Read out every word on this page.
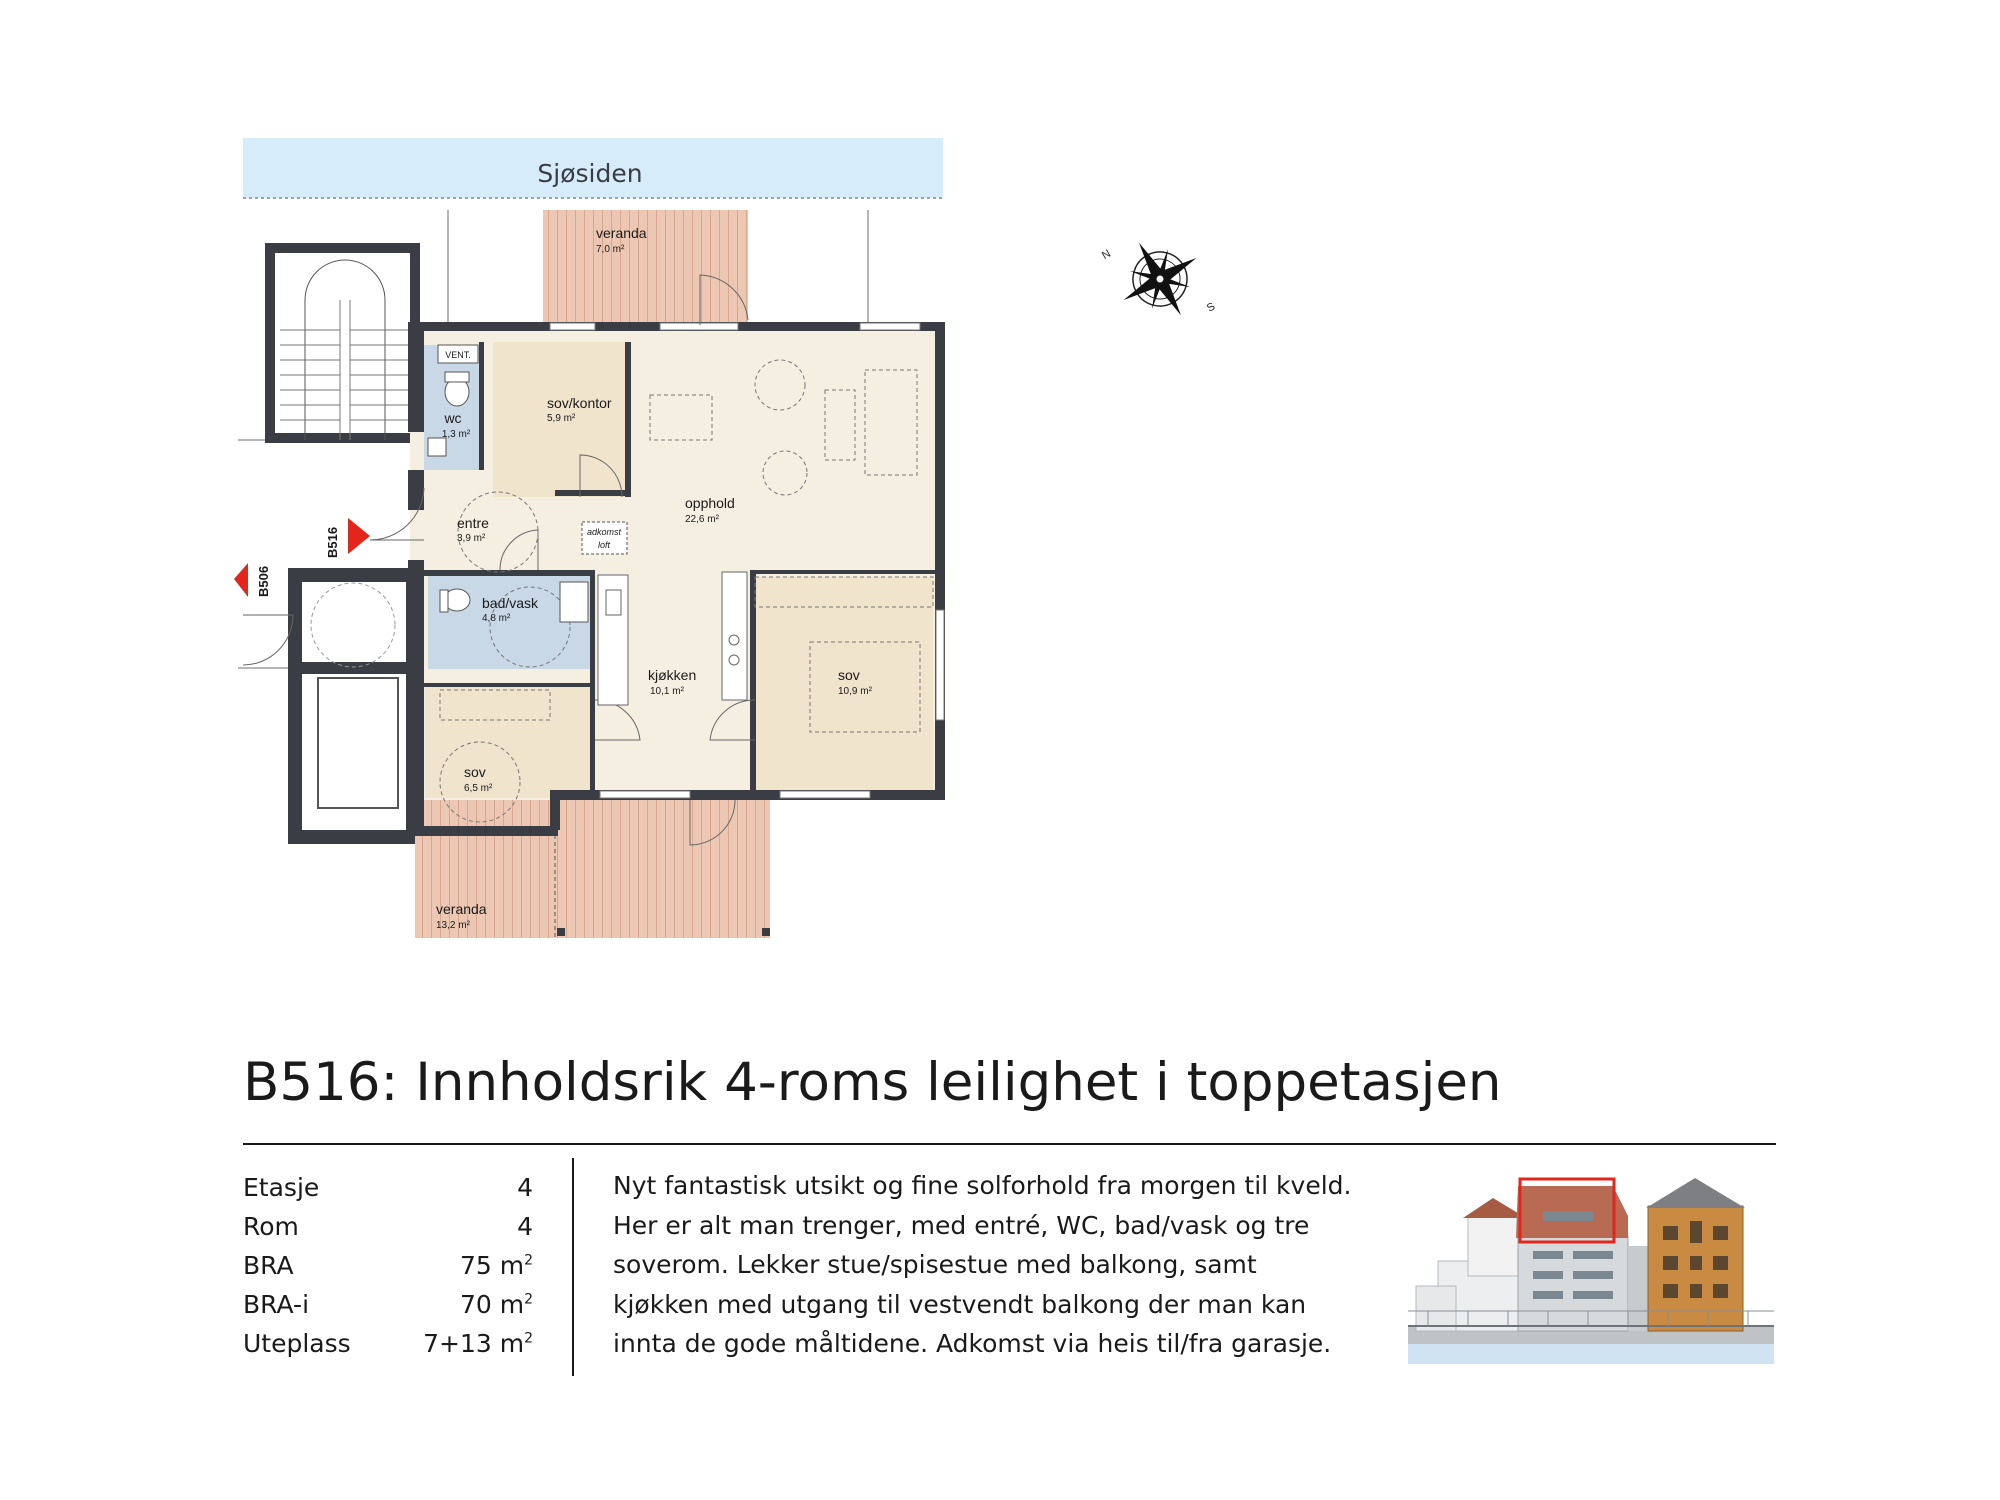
Sjøsiden
VENT.
adkomst
loft
veranda
7,0 m²
wc
1,3 m²
sov/kontor
5,9 m²
opphold
22,6 m²
entre
3,9 m²
bad/vask
4,8 m²
kjøkken
10,1 m²
sov
10,9 m²
sov
6,5 m²
veranda
13,2 m²
B516
B506
N
S
B516: Innholdsrik 4-roms leilighet i toppetasjen
Etasje	4
Rom	4
BRA	75 $m^2$
BRA-i	70 $m^2$
Uteplass	7+13 $m^2$

Nyt fantastisk utsikt og fine solforhold fra morgen til kveld.

Her er alt man trenger, med entré, WC, bad/vask og tre

soverom. Lekker stue/spisestue med balkong, samt

kjøkken med utgang til vestvendt balkong der man kan

innta de gode måltidene. Adkomst via heis til/fra garasje.
